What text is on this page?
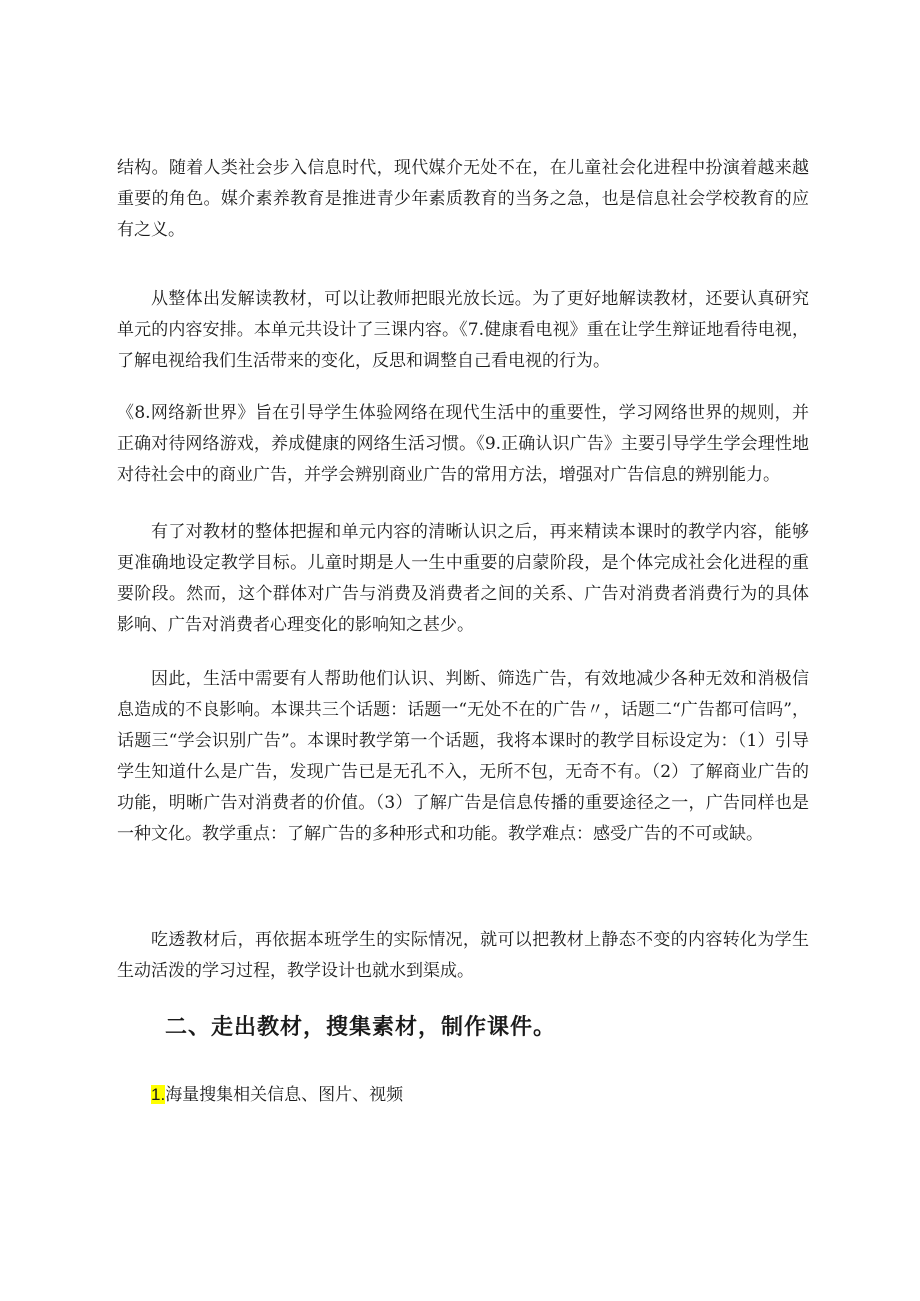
结构。随着人类社会步入信息时代，现代媒介无处不在，在儿童社会化进程中扮演着越来越重要的角色。媒介素养教育是推进青少年素质教育的当务之急，也是信息社会学校教育的应有之义。

从整体出发解读教材，可以让教师把眼光放长远。为了更好地解读教材，还要认真研究单元的内容安排。本单元共设计了三课内容。《7.健康看电视》重在让学生辩证地看待电视，了解电视给我们生活带来的变化，反思和调整自己看电视的行为。

《8.网络新世界》旨在引导学生体验网络在现代生活中的重要性，学习网络世界的规则，并正确对待网络游戏，养成健康的网络生活习惯。《9.正确认识广告》主要引导学生学会理性地对待社会中的商业广告，并学会辨别商业广告的常用方法，增强对广告信息的辨别能力。

有了对教材的整体把握和单元内容的清晰认识之后，再来精读本课时的教学内容，能够更准确地设定教学目标。儿童时期是人一生中重要的启蒙阶段，是个体完成社会化进程的重要阶段。然而，这个群体对广告与消费及消费者之间的关系、广告对消费者消费行为的具体影响、广告对消费者心理变化的影响知之甚少。

因此，生活中需要有人帮助他们认识、判断、筛选广告，有效地减少各种无效和消极信息造成的不良影响。本课共三个话题：话题一“无处不在的广告〃，话题二“广告都可信吗”，话题三“学会识别广告”。本课时教学第一个话题，我将本课时的教学目标设定为：（1）引导学生知道什么是广告，发现广告已是无孔不入，无所不包，无奇不有。（2）了解商业广告的功能，明晰广告对消费者的价值。（3）了解广告是信息传播的重要途径之一，广告同样也是一种文化。教学重点：了解广告的多种形式和功能。教学难点：感受广告的不可或缺。

吃透教材后，再依据本班学生的实际情况，就可以把教材上静态不变的内容转化为学生生动活泼的学习过程，教学设计也就水到渠成。

二、走出教材，搜集素材，制作课件。

1.海量搜集相关信息、图片、视频
